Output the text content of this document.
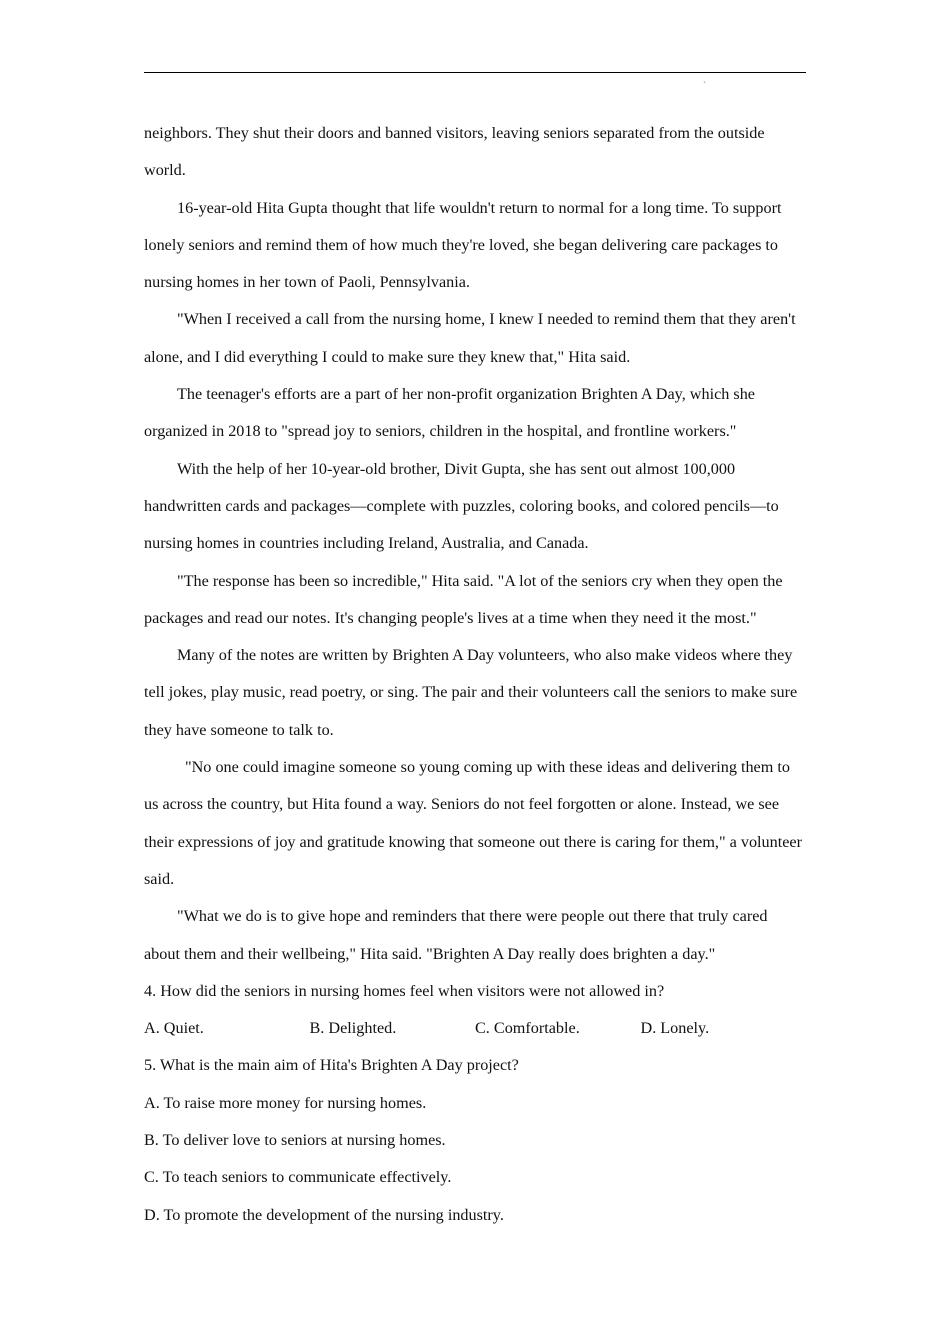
`

neighbors. They shut their doors and banned visitors, leaving seniors separated from the outside world.

16-year-old Hita Gupta thought that life wouldn't return to normal for a long time. To support lonely seniors and remind them of how much they're loved, she began delivering care packages to nursing homes in her town of Paoli, Pennsylvania.

"When I received a call from the nursing home, I knew I needed to remind them that they aren't alone, and I did everything I could to make sure they knew that," Hita said.

The teenager's efforts are a part of her non-profit organization Brighten A Day, which she organized in 2018 to "spread joy to seniors, children in the hospital, and frontline workers."

With the help of her 10-year-old brother, Divit Gupta, she has sent out almost 100,000 handwritten cards and packages—complete with puzzles, coloring books, and colored pencils—to nursing homes in countries including Ireland, Australia, and Canada.

"The response has been so incredible," Hita said. "A lot of the seniors cry when they open the packages and read our notes. It's changing people's lives at a time when they need it the most."

Many of the notes are written by Brighten A Day volunteers, who also make videos where they tell jokes, play music, read poetry, or sing. The pair and their volunteers call the seniors to make sure they have someone to talk to.

"No one could imagine someone so young coming up with these ideas and delivering them to us across the country, but Hita found a way. Seniors do not feel forgotten or alone. Instead, we see their expressions of joy and gratitude knowing that someone out there is caring for them," a volunteer said.

"What we do is to give hope and reminders that there were people out there that truly cared about them and their wellbeing," Hita said. "Brighten A Day really does brighten a day."

4. How did the seniors in nursing homes feel when visitors were not allowed in?

A. Quiet.	B. Delighted.	C. Comfortable.	D. Lonely.

5. What is the main aim of Hita's Brighten A Day project?

A. To raise more money for nursing homes.

B. To deliver love to seniors at nursing homes.

C. To teach seniors to communicate effectively.

D. To promote the development of the nursing industry.
